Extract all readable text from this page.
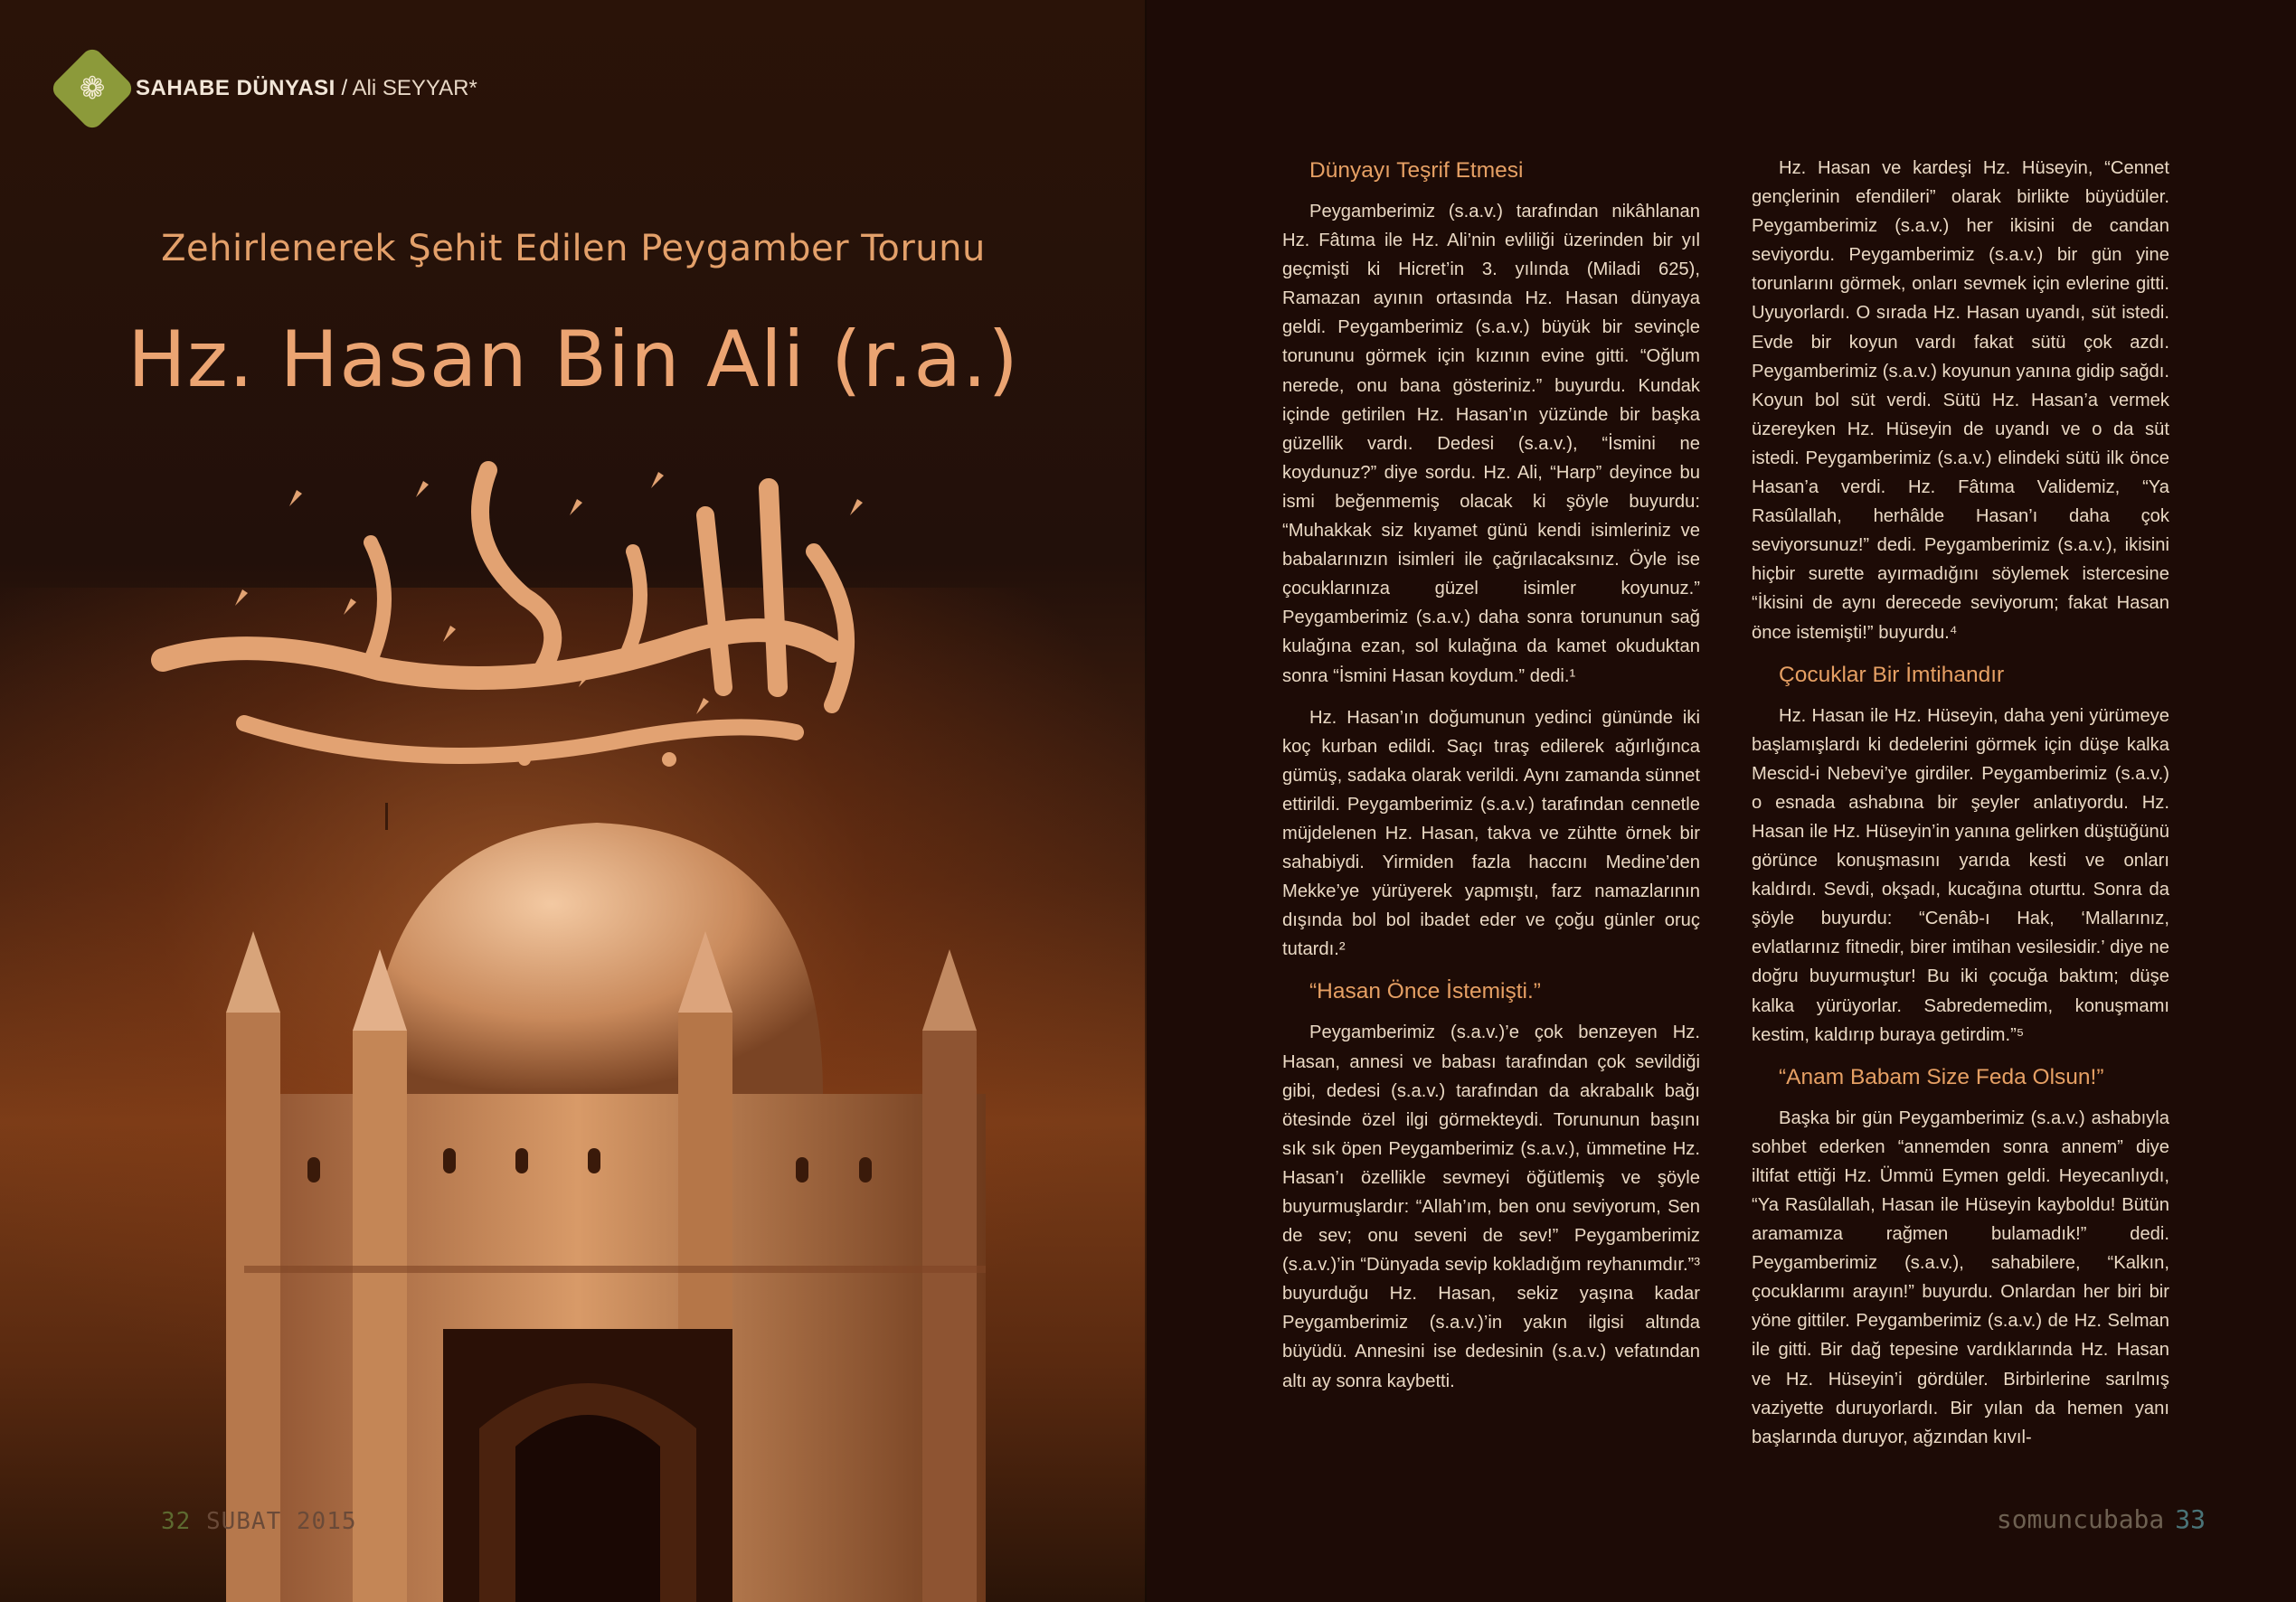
❁ SAHABE DÜNYASI / Ali SEYYAR*
Zehirlenerek Şehit Edilen Peygamber Torunu
Hz. Hasan Bin Ali (r.a.)
32 SUBAT 2015
Dünyayı Teşrif Etmesi

Peygamberimiz (s.a.v.) tarafından nikâhlanan Hz. Fâtıma ile Hz. Ali’nin evliliği üzerinden bir yıl geçmişti ki Hicret’in 3. yılında (Miladi 625), Ramazan ayının ortasında Hz. Hasan dünyaya geldi. Peygamberimiz (s.a.v.) büyük bir sevinçle torununu görmek için kızının evine gitti. “Oğlum nerede, onu bana gösteriniz.” buyurdu. Kundak içinde getirilen Hz. Hasan’ın yüzünde bir başka güzellik vardı. Dedesi (s.a.v.), “İsmini ne koydunuz?” diye sordu. Hz. Ali, “Harp” deyince bu ismi beğenmemiş olacak ki şöyle buyurdu: “Muhakkak siz kıyamet günü kendi isimleriniz ve babalarınızın isimleri ile çağrılacaksınız. Öyle ise çocuklarınıza güzel isimler koyunuz.” Peygamberimiz (s.a.v.) daha sonra torununun sağ kulağına ezan, sol kulağına da kamet okuduktan sonra “İsmini Hasan koydum.” dedi.¹

Hz. Hasan’ın doğumunun yedinci gününde iki koç kurban edildi. Saçı tıraş edilerek ağırlığınca gümüş, sadaka olarak verildi. Aynı zamanda sünnet ettirildi. Peygamberimiz (s.a.v.) tarafından cennetle müjdelenen Hz. Hasan, takva ve zühtte örnek bir sahabiydi. Yirmiden fazla haccını Medine’den Mekke’ye yürüyerek yapmıştı, farz namazlarının dışında bol bol ibadet eder ve çoğu günler oruç tutardı.²

“Hasan Önce İstemişti.”

Peygamberimiz (s.a.v.)’e çok benzeyen Hz. Hasan, annesi ve babası tarafından çok sevildiği gibi, dedesi (s.a.v.) tarafından da akrabalık bağı ötesinde özel ilgi görmekteydi. Torununun başını sık sık öpen Peygamberimiz (s.a.v.), ümmetine Hz. Hasan’ı özellikle sevmeyi öğütlemiş ve şöyle buyurmuşlardır: “Allah’ım, ben onu seviyorum, Sen de sev; onu seveni de sev!” Peygamberimiz (s.a.v.)’in “Dünyada sevip kokladığım reyhanımdır.”³ buyurduğu Hz. Hasan, sekiz yaşına kadar Peygamberimiz (s.a.v.)’in yakın ilgisi altında büyüdü. Annesini ise dedesinin (s.a.v.) vefatından altı ay sonra kaybetti.

Hz. Hasan ve kardeşi Hz. Hüseyin, “Cennet gençlerinin efendileri” olarak birlikte büyüdüler. Peygamberimiz (s.a.v.) her ikisini de candan seviyordu. Peygamberimiz (s.a.v.) bir gün yine torunlarını görmek, onları sevmek için evlerine gitti. Uyuyorlardı. O sırada Hz. Hasan uyandı, süt istedi. Evde bir koyun vardı fakat sütü çok azdı. Peygamberimiz (s.a.v.) koyunun yanına gidip sağdı. Koyun bol süt verdi. Sütü Hz. Hasan’a vermek üzereyken Hz. Hüseyin de uyandı ve o da süt istedi. Peygamberimiz (s.a.v.) elindeki sütü ilk önce Hasan’a verdi. Hz. Fâtıma Validemiz, “Ya Rasûlallah, herhâlde Hasan’ı daha çok seviyorsunuz!” dedi. Peygamberimiz (s.a.v.), ikisini hiçbir surette ayırmadığını söylemek istercesine “İkisini de aynı derecede seviyorum; fakat Hasan önce istemişti!” buyurdu.⁴

Çocuklar Bir İmtihandır

Hz. Hasan ile Hz. Hüseyin, daha yeni yürümeye başlamışlardı ki dedelerini görmek için düşe kalka Mescid-i Nebevi’ye girdiler. Peygamberimiz (s.a.v.) o esnada ashabına bir şeyler anlatıyordu. Hz. Hasan ile Hz. Hüseyin’in yanına gelirken düştüğünü görünce konuşmasını yarıda kesti ve onları kaldırdı. Sevdi, okşadı, kucağına oturttu. Sonra da şöyle buyurdu: “Cenâb-ı Hak, ‘Mallarınız, evlatlarınız fitnedir, birer imtihan vesilesidir.’ diye ne doğru buyurmuştur! Bu iki çocuğa baktım; düşe kalka yürüyorlar. Sabredemedim, konuşmamı kestim, kaldırıp buraya getirdim.”⁵

“Anam Babam Size Feda Olsun!”

Başka bir gün Peygamberimiz (s.a.v.) ashabıyla sohbet ederken “annemden sonra annem” diye iltifat ettiği Hz. Ümmü Eymen geldi. Heyecanlıydı, “Ya Rasûlallah, Hasan ile Hüseyin kayboldu! Bütün aramamıza rağmen bulamadık!” dedi. Peygamberimiz (s.a.v.), sahabilere, “Kalkın, çocuklarımı arayın!” buyurdu. Onlardan her biri bir yöne gittiler. Peygamberimiz (s.a.v.) de Hz. Selman ile gitti. Bir dağ tepesine vardıklarında Hz. Hasan ve Hz. Hüseyin’i gördüler. Birbirlerine sarılmış vaziyette duruyorlardı. Bir yılan da hemen yanı başlarında duruyor, ağzından kıvıl-

somuncubaba 33
